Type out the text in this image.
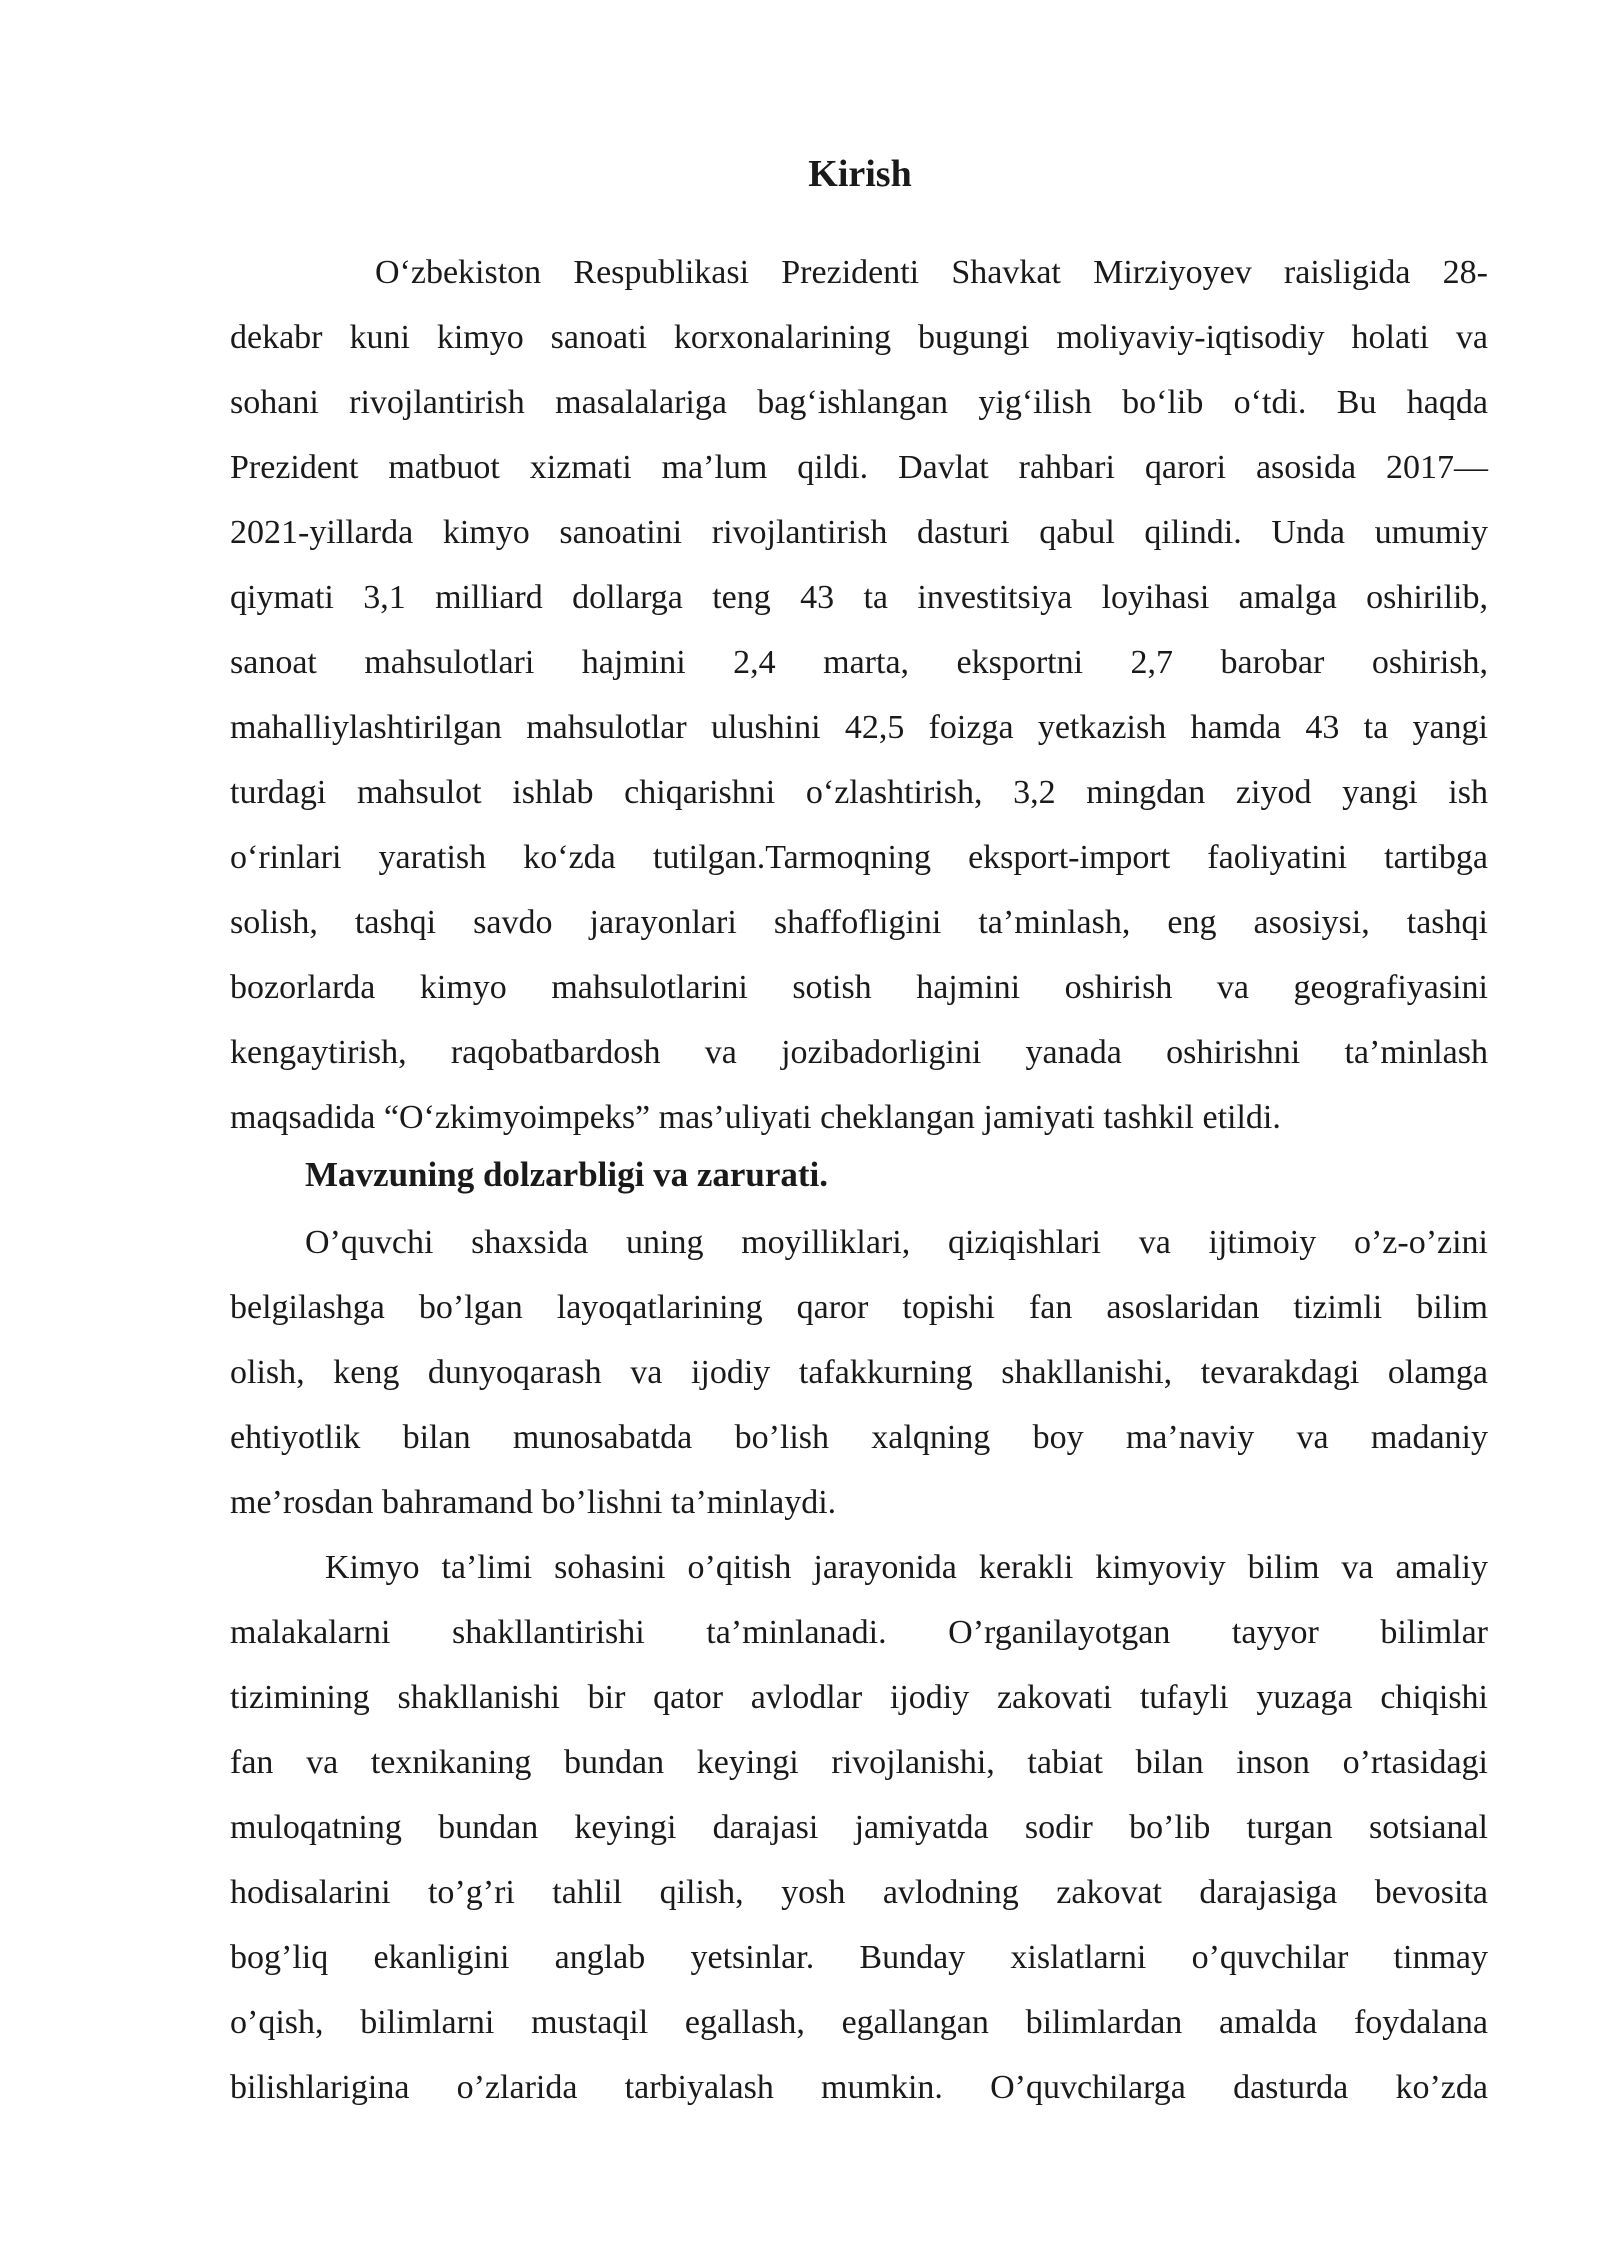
Kirish
O‘zbekiston Respublikasi Prezidenti Shavkat Mirziyoyev raisligida 28-
dekabr kuni kimyo sanoati korxonalarining bugungi moliyaviy-iqtisodiy holati va
sohani rivojlantirish masalalariga bag‘ishlangan yig‘ilish bo‘lib o‘tdi. Bu haqda
Prezident matbuot xizmati ma’lum qildi. Davlat rahbari qarori asosida 2017—
2021-yillarda kimyo sanoatini rivojlantirish dasturi qabul qilindi. Unda umumiy
qiymati 3,1 milliard dollarga teng 43 ta investitsiya loyihasi amalga oshirilib,
sanoat mahsulotlari hajmini 2,4 marta, eksportni 2,7 barobar oshirish,
mahalliylashtirilgan mahsulotlar ulushini 42,5 foizga yetkazish hamda 43 ta yangi
turdagi mahsulot ishlab chiqarishni o‘zlashtirish, 3,2 mingdan ziyod yangi ish
o‘rinlari yaratish ko‘zda tutilgan.Tarmoqning eksport-import faoliyatini tartibga
solish, tashqi savdo jarayonlari shaffofligini ta’minlash, eng asosiysi, tashqi
bozorlarda kimyo mahsulotlarini sotish hajmini oshirish va geografiyasini
kengaytirish, raqobatbardosh va jozibadorligini yanada oshirishni ta’minlash
maqsadida “O‘zkimyoimpeks” mas’uliyati cheklangan jamiyati tashkil etildi.
Mavzuning dolzarbligi va zarurati.
O’quvchi shaxsida uning moyilliklari, qiziqishlari va ijtimoiy o’z-o’zini
belgilashga bo’lgan layoqatlarining qaror topishi fan asoslaridan tizimli bilim
olish, keng dunyoqarash va ijodiy tafakkurning shakllanishi, tevarakdagi olamga
ehtiyotlik bilan munosabatda bo’lish xalqning boy ma’naviy va madaniy
me’rosdan bahramand bo’lishni ta’minlaydi.
Kimyo ta’limi sohasini o’qitish jarayonida kerakli kimyoviy bilim va amaliy
malakalarni shakllantirishi ta’minlanadi. O’rganilayotgan tayyor bilimlar
tizimining shakllanishi bir qator avlodlar ijodiy zakovati tufayli yuzaga chiqishi
fan va texnikaning bundan keyingi rivojlanishi, tabiat bilan inson o’rtasidagi
muloqatning bundan keyingi darajasi jamiyatda sodir bo’lib turgan sotsianal
hodisalarini to’g’ri tahlil qilish, yosh avlodning zakovat darajasiga bevosita
bog’liq ekanligini anglab yetsinlar. Bunday xislatlarni o’quvchilar tinmay
o’qish, bilimlarni mustaqil egallash, egallangan bilimlardan amalda foydalana
bilishlarigina o’zlarida tarbiyalash mumkin. O’quvchilarga dasturda ko’zda
